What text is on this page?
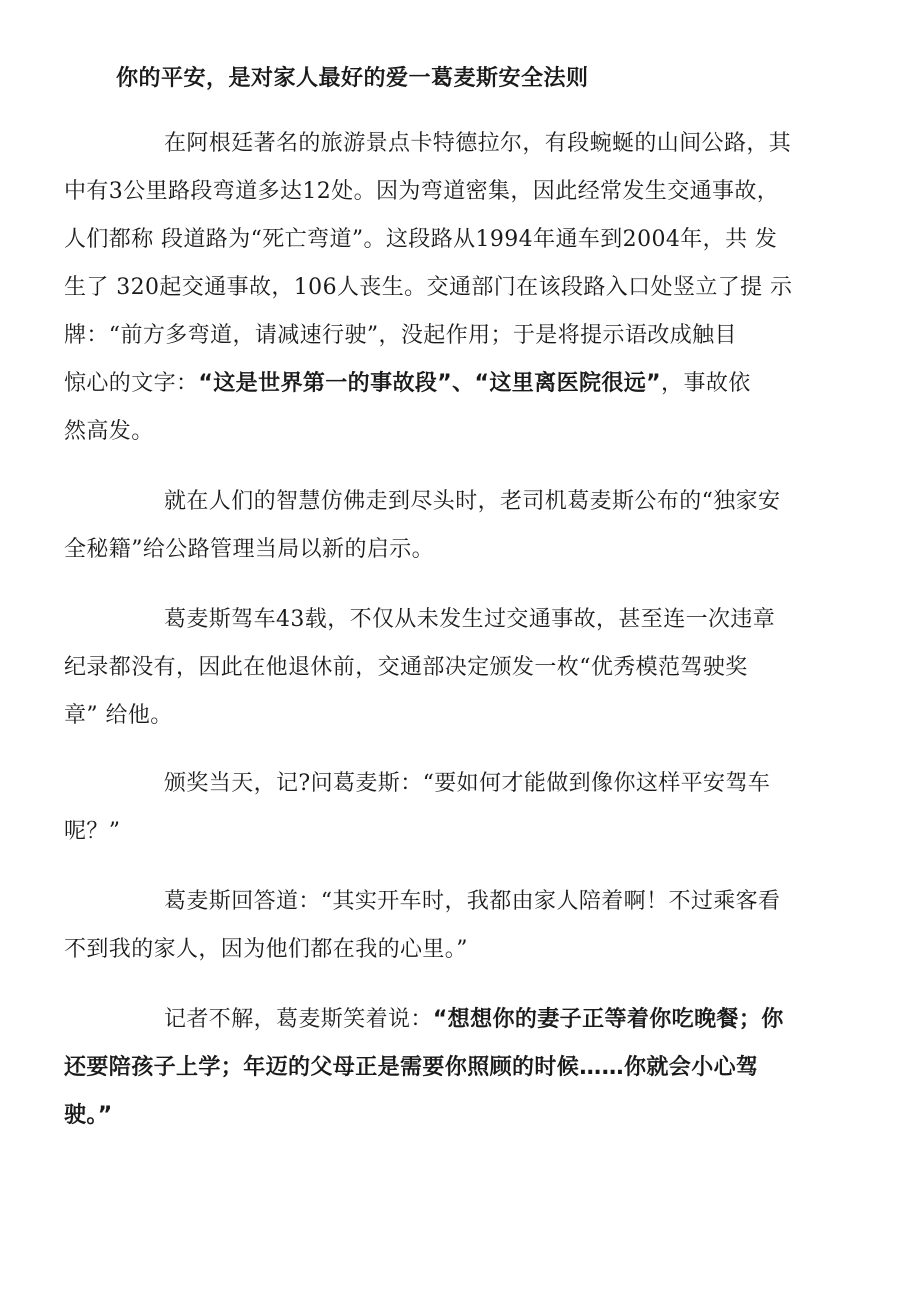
你的平安，是对家人最好的爱一葛麦斯安全法则
在阿根廷著名的旅游景点卡特德拉尔，有段蜿蜒的山间公路，其
中有3公里路段弯道多达12处。因为弯道密集，因此经常发生交通事故，
人们都称 段道路为“死亡弯道”。这段路从1994年通车到2004年，共 发
生了 320起交通事故，106人丧生。交通部门在该段路入口处竖立了提 示
牌：“前方多弯道，请减速行驶”，没起作用；于是将提示语改成触目
惊心的文字：“这是世界第一的事故段”、“这里离医院很远”，事故依
然高发。
就在人们的智慧仿佛走到尽头时，老司机葛麦斯公布的“独家安
全秘籍”给公路管理当局以新的启示。
葛麦斯驾车43载，不仅从未发生过交通事故，甚至连一次违章
纪录都没有，因此在他退休前，交通部决定颁发一枚“优秀模范驾驶奖
章” 给他。
颁奖当天，记?问葛麦斯：“要如何才能做到像你这样平安驾车
呢？”
葛麦斯回答道：“其实开车时，我都由家人陪着啊！不过乘客看
不到我的家人，因为他们都在我的心里。”
记者不解，葛麦斯笑着说：“想想你的妻子正等着你吃晚餐；你
还要陪孩子上学；年迈的父母正是需要你照顾的时候……你就会小心驾
驶。”
